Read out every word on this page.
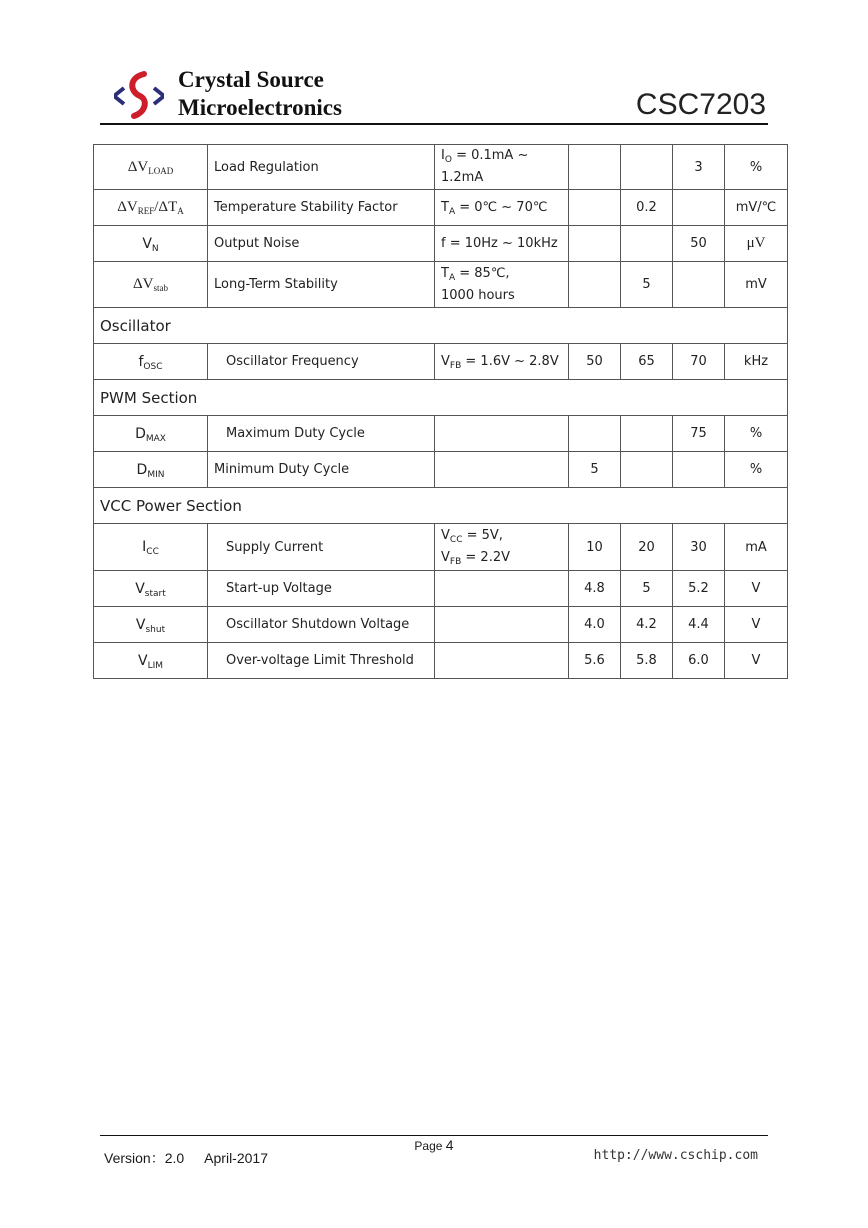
Crystal Source
Microelectronics	CSC7203
$\Delta V_{LOAD}$	Load Regulation	$I_O = 0.1mA$ ~ 1.2mA			3	%
$\Delta V_{REF}/\Delta T_A$	Temperature Stability Factor	$T_A$ = 0℃ ~ 70℃		0.2		mV/℃
$V_N$	Output Noise	f = 10Hz ~ 10kHz			50	μV
$\Delta V_{stab}$	Long-Term Stability	$T_A$ = 85℃,
1000 hours		5		mV
Oscillator						
$f_{OSC}$	Oscillator Frequency	$V_{FB} = 1.6V$ ~ 2.8V	50	65	70	kHz
PWM Section						
$D_{MAX}$	Maximum Duty Cycle				75	%
$D_{MIN}$	Minimum Duty Cycle		5			%
VCC Power Section						
$I_{CC}$	Supply Current	$V_{CC} = 5V$,
$V_{FB} = 2.2V$	10	20	30	mA
$V_{start}$	Start-up Voltage		4.8	5	5.2	V
$V_{shut}$	Oscillator Shutdown Voltage		4.0	4.2	4.4	V
$V_{LIM}$	Over-voltage Limit Threshold		5.6	5.8	6.0	V
Page 4
Version：2.0 April-2017	http://www.cschip.com
